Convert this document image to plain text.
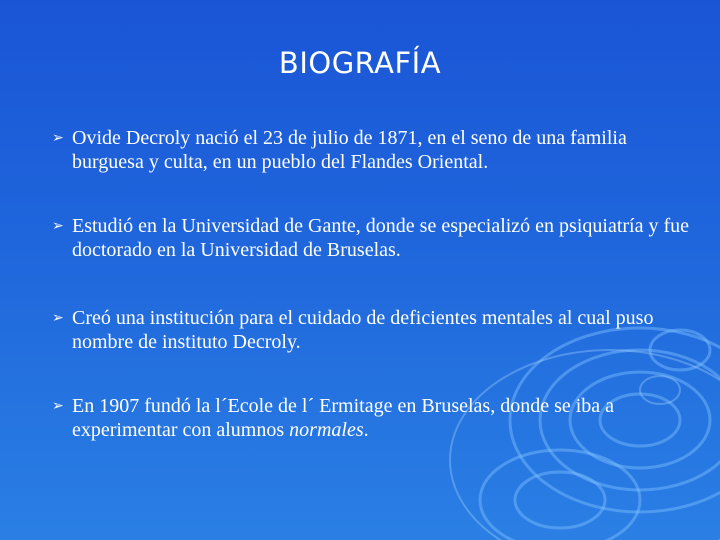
BIOGRAFÍA
➢ Ovide Decroly nació el 23 de julio de 1871, en el seno de una familia burguesa y culta, en un pueblo del Flandes Oriental.
➢ Estudió en la Universidad de Gante, donde se especializó en psiquiatría y fue doctorado en la Universidad de Bruselas.
➢ Creó una institución para el cuidado de deficientes mentales al cual puso nombre de instituto Decroly.
➢ En 1907 fundó la l´Ecole de l´ Ermitage en Bruselas, donde se iba a experimentar con alumnos normales.
